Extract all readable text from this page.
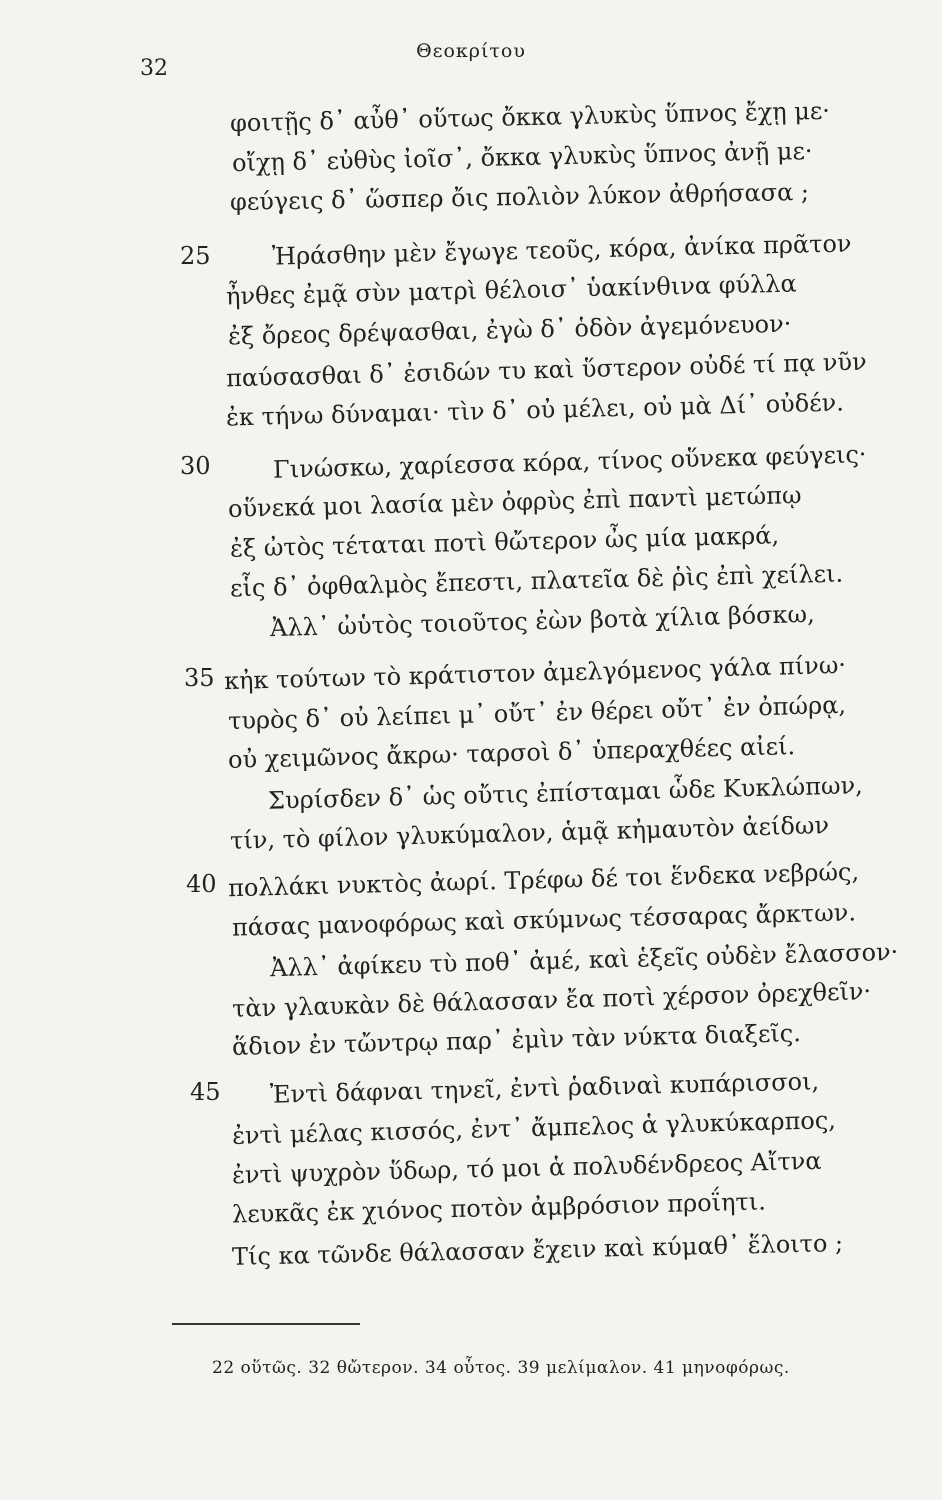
32
Θεοκρίτου
φοιτῇς δ᾽ αὖθ᾽ οὕτως ὄκκα γλυκὺς ὕπνος ἔχῃ με·
οἴχῃ δ᾽ εὐθὺς ἰοῖσ᾽, ὄκκα γλυκὺς ὕπνος ἀνῇ με·
φεύγεις δ᾽ ὥσπερ ὄις πολιὸν λύκον ἀθρήσασα ;
25	Ἠράσθην μὲν ἔγωγε τεοῦς, κόρα, ἀνίκα πρᾶτον
ἦνθες ἐμᾷ σὺν ματρὶ θέλοισ᾽ ὑακίνθινα φύλλα
ἐξ ὄρεος δρέψασθαι, ἐγὼ δ᾽ ὁδὸν ἀγεμόνευον·
παύσασθαι δ᾽ ἐσιδών τυ καὶ ὕστερον οὐδέ τί πᾳ νῦν
ἐκ τήνω δύναμαι· τὶν δ᾽ οὐ μέλει, οὐ μὰ Δί᾽ οὐδέν.
30	Γινώσκω, χαρίεσσα κόρα, τίνος οὕνεκα φεύγεις·
οὕνεκά μοι λασία μὲν ὀφρὺς ἐπὶ παντὶ μετώπῳ
ἐξ ὠτὸς τέταται ποτὶ θὤτερον ὦς μία μακρά,
εἷς δ᾽ ὀφθαλμὸς ἔπεστι, πλατεῖα δὲ ῥὶς ἐπὶ χείλει.
Ἀλλ᾽ ὠὑτὸς τοιοῦτος ἐὼν βοτὰ χίλια βόσκω,
35 κἠκ τούτων τὸ κράτιστον ἀμελγόμενος γάλα πίνω·
τυρὸς δ᾽ οὐ λείπει μ᾽ οὔτ᾽ ἐν θέρει οὔτ᾽ ἐν ὀπώρᾳ,
οὐ χειμῶνος ἄκρω· ταρσοὶ δ᾽ ὑπεραχθέες αἰεί.
Συρίσδεν δ᾽ ὡς οὔτις ἐπίσταμαι ὧδε Κυκλώπων,
τίν, τὸ φίλον γλυκύμαλον, ἁμᾷ κἠμαυτὸν ἀείδων
40 πολλάκι νυκτὸς ἀωρί. Τρέφω δέ τοι ἕνδεκα νεβρώς,
πάσας μανοφόρως καὶ σκύμνως τέσσαρας ἄρκτων.
Ἀλλ᾽ ἀφίκευ τὺ ποθ᾽ ἀμέ, καὶ ἑξεῖς οὐδὲν ἔλασσον·
τὰν γλαυκὰν δὲ θάλασσαν ἔα ποτὶ χέρσον ὀρεχθεῖν·
ἅδιον ἐν τὤντρῳ παρ᾽ ἐμὶν τὰν νύκτα διαξεῖς.
45 Ἐντὶ δάφναι τηνεῖ, ἐντὶ ῥαδιναὶ κυπάρισσοι,
ἐντὶ μέλας κισσός, ἐντ᾽ ἄμπελος ἁ γλυκύκαρπος,
ἐντὶ ψυχρὸν ὕδωρ, τό μοι ἁ πολυδένδρεος Αἴτνα
λευκᾶς ἐκ χιόνος ποτὸν ἀμβρόσιον προΐητι.
Τίς κα τῶνδε θάλασσαν ἔχειν καὶ κύμαθ᾽ ἕλοιτο ;
22 οὕτῶς. 32 θὤτερον. 34 οὗτος. 39 μελίμαλον. 41 μηνοφόρως.
